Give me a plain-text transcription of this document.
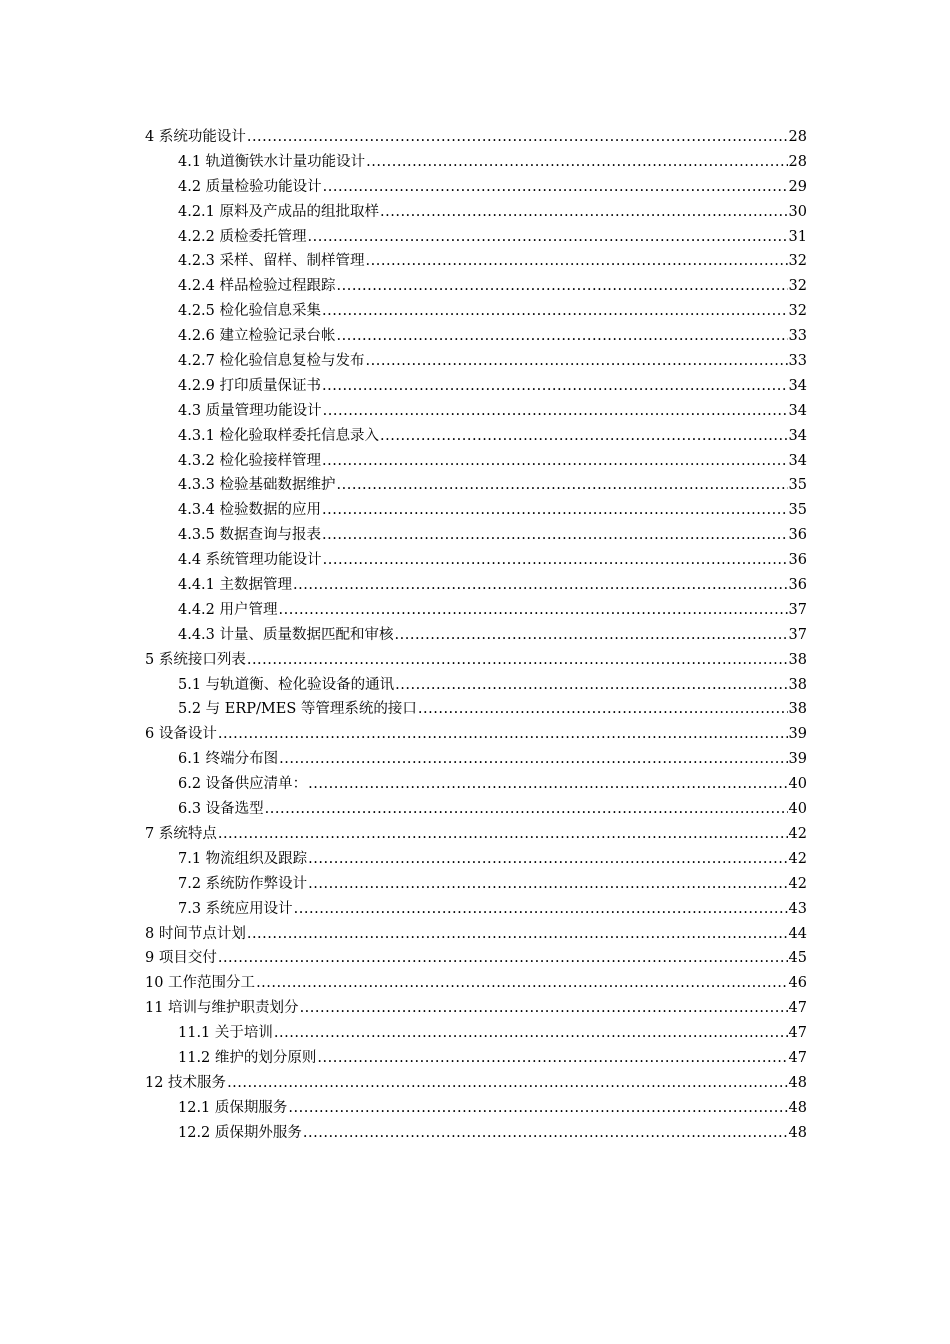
4 系统功能设计 .....	28
4.1 轨道衡铁水计量功能设计 .....	28
4.2 质量检验功能设计 .....	29
4.2.1 原料及产成品的组批取样 .....	30
4.2.2 质检委托管理 .....	31
4.2.3 采样、留样、制样管理 .....	32
4.2.4 样品检验过程跟踪 .....	32
4.2.5 检化验信息采集 .....	32
4.2.6 建立检验记录台帐 .....	33
4.2.7 检化验信息复检与发布 .....	33
4.2.9 打印质量保证书 .....	34
4.3 质量管理功能设计 .....	34
4.3.1 检化验取样委托信息录入 .....	34
4.3.2 检化验接样管理 .....	34
4.3.3 检验基础数据维护 .....	35
4.3.4 检验数据的应用 .....	35
4.3.5 数据查询与报表 .....	36
4.4 系统管理功能设计 .....	36
4.4.1 主数据管理 .....	36
4.4.2 用户管理 .....	37
4.4.3 计量、质量数据匹配和审核 .....	37
5 系统接口列表 .....	38
5.1 与轨道衡、检化验设备的通讯 .....	38
5.2 与 ERP/MES 等管理系统的接口 .....	38
6 设备设计 .....	39
6.1 终端分布图 .....	39
6.2 设备供应清单： .....	40
6.3 设备选型 .....	40
7 系统特点 .....	42
7.1 物流组织及跟踪 .....	42
7.2 系统防作弊设计 .....	42
7.3 系统应用设计 .....	43
8 时间节点计划 .....	44
9 项目交付 .....	45
10 工作范围分工 .....	46
11 培训与维护职责划分 .....	47
11.1 关于培训 .....	47
11.2 维护的划分原则 .....	47
12 技术服务 .....	48
12.1 质保期服务 .....	48
12.2 质保期外服务 .....	48
